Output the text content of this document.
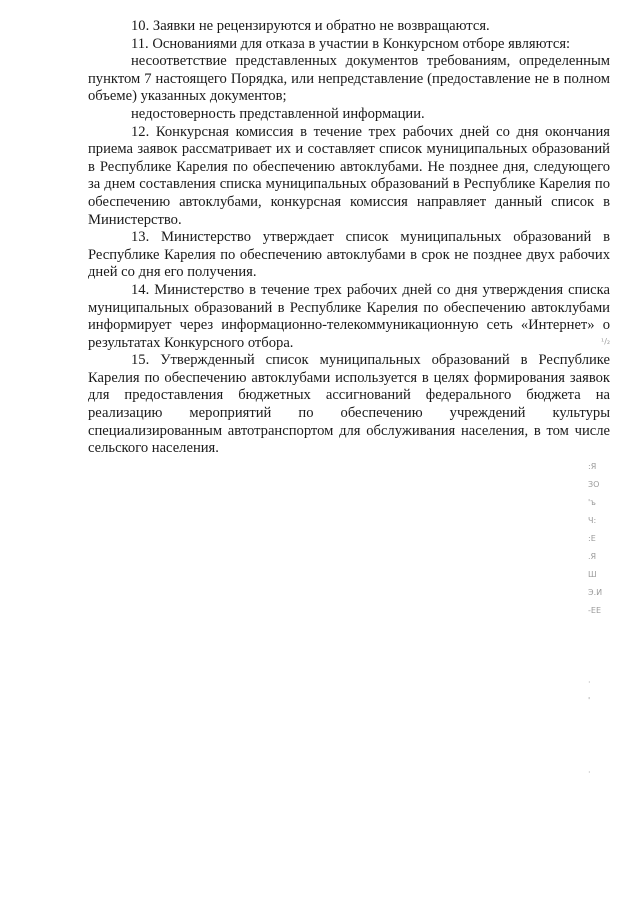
10. Заявки не рецензируются и обратно не возвращаются.

11. Основаниями для отказа в участии в Конкурсном отборе являются:

несоответствие представленных документов требованиям, определенным пунктом 7 настоящего Порядка, или непредставление (предоставление не в полном объеме) указанных документов;

недостоверность представленной информации.

12. Конкурсная комиссия в течение трех рабочих дней со дня окончания приема заявок рассматривает их и составляет список муниципальных образований в Республике Карелия по обеспечению автоклубами. Не позднее дня, следующего за днем составления списка муниципальных образований в Республике Карелия по обеспечению автоклубами, конкурсная комиссия направляет данный список в Министерство.

13. Министерство утверждает список муниципальных образований в Республике Карелия по обеспечению автоклубами в срок не позднее двух рабочих дней со дня его получения.

14. Министерство в течение трех рабочих дней со дня утверждения списка муниципальных образований в Республике Карелия по обеспечению автоклубами информирует через информационно-телекоммуникационную сеть «Интернет» о результатах Конкурсного отбора.

15. Утвержденный список муниципальных образований в Республике Карелия по обеспечению автоклубами используется в целях формирования заявок для предоставления бюджетных ассигнований федерального бюджета на реализацию мероприятий по обеспечению учреждений культуры специализированным автотранспортом для обслуживания населения, в том числе сельского населения.

¹/₂
:Я
ЗО
'ъ
Ч:
:Е
.Я
Ш
Э.И
-ЕЕ
·
'
·
